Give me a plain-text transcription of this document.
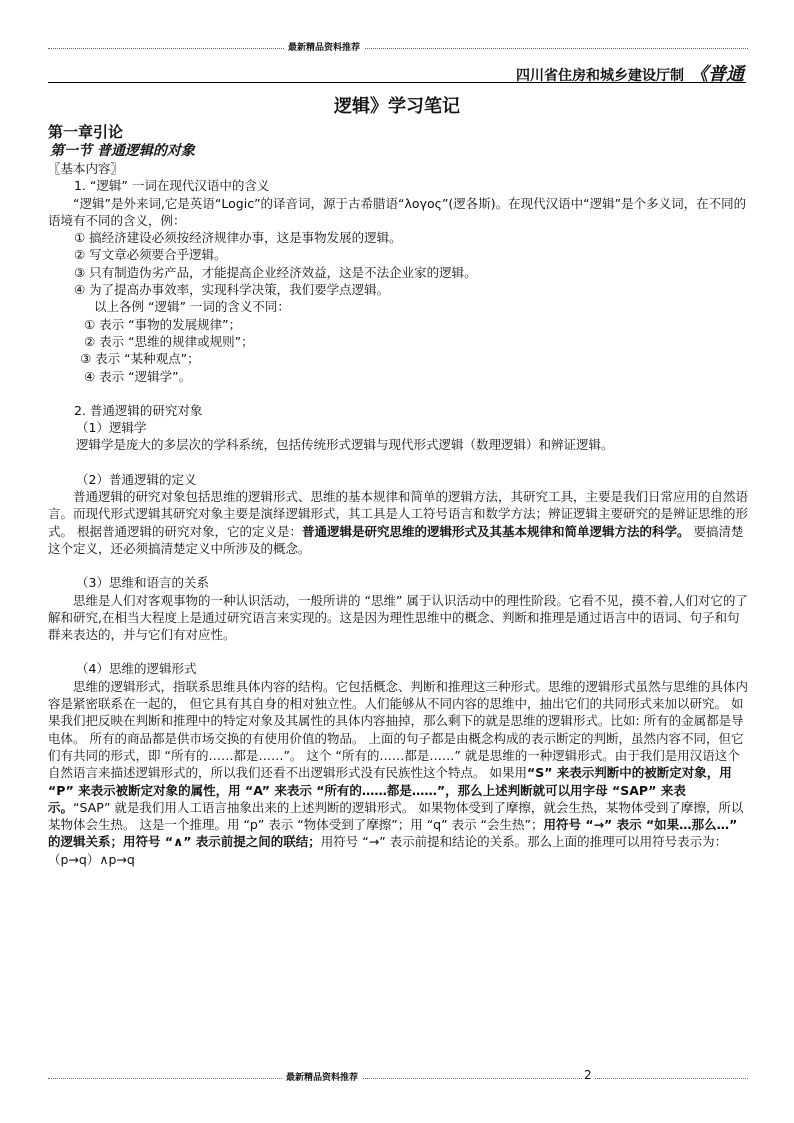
最新精品资料推荐
四川省住房和城乡建设厅制 《普通
逻辑》学习笔记

第一章引论

第一节 普通逻辑的对象

〖基本内容〗

1. “逻辑” 一词在现代汉语中的含义

“逻辑”是外来词,它是英语“Logic”的译音词，源于古希腊语“λογος”(逻各斯)。在现代汉语中“逻辑”是个多义词，在不同的语境有不同的含义，例：

① 搞经济建设必须按经济规律办事，这是事物发展的逻辑。

② 写文章必须要合乎逻辑。

③ 只有制造伪劣产品，才能提高企业经济效益，这是不法企业家的逻辑。

④ 为了提高办事效率，实现科学决策，我们要学点逻辑。

以上各例 “逻辑” 一词的含义不同：

① 表示 “事物的发展规律”；

② 表示 “思维的规律或规则”；

③ 表示 “某种观点”；

④ 表示 “逻辑学”。

2. 普通逻辑的研究对象

（1）逻辑学

逻辑学是庞大的多层次的学科系统，包括传统形式逻辑与现代形式逻辑（数理逻辑）和辨证逻辑。

（2）普通逻辑的定义

普通逻辑的研究对象包括思维的逻辑形式、思维的基本规律和简单的逻辑方法，其研究工具，主要是我们日常应用的自然语言。而现代形式逻辑其研究对象主要是演绎逻辑形式，其工具是人工符号语言和数学方法；辨证逻辑主要研究的是辨证思维的形式。 根据普通逻辑的研究对象，它的定义是：普通逻辑是研究思维的逻辑形式及其基本规律和简单逻辑方法的科学。 要搞清楚这个定义，还必须搞清楚定义中所涉及的概念。

（3）思维和语言的关系

思维是人们对客观事物的一种认识活动，一般所讲的 “思维” 属于认识活动中的理性阶段。它看不见，摸不着,人们对它的了解和研究,在相当大程度上是通过研究语言来实现的。这是因为理性思维中的概念、判断和推理是通过语言中的语词、句子和句群来表达的，并与它们有对应性。

（4）思维的逻辑形式

思维的逻辑形式，指联系思维具体内容的结构。它包括概念、判断和推理这三种形式。思维的逻辑形式虽然与思维的具体内容是紧密联系在一起的， 但它具有其自身的相对独立性。人们能够从不同内容的思维中，抽出它们的共同形式来加以研究。 如果我们把反映在判断和推理中的特定对象及其属性的具体内容抽掉，那么剩下的就是思维的逻辑形式。比如: 所有的金属都是导电体。 所有的商品都是供市场交换的有使用价值的物品。 上面的句子都是由概念构成的表示断定的判断，虽然内容不同，但它们有共同的形式，即 “所有的……都是……”。 这个 “所有的……都是……” 就是思维的一种逻辑形式。由于我们是用汉语这个自然语言来描述逻辑形式的，所以我们还看不出逻辑形式没有民族性这个特点。 如果用“S” 来表示判断中的被断定对象，用 “P” 来表示被断定对象的属性，用 “A” 来表示 “所有的……都是……”，那么上述判断就可以用字母 “SAP” 来表示。“SAP” 就是我们用人工语言抽象出来的上述判断的逻辑形式。 如果物体受到了摩擦，就会生热，某物体受到了摩擦，所以某物体会生热。 这是一个推理。用 “p” 表示 “物体受到了摩擦”；用 “q” 表示 “会生热”；用符号 “→” 表示 “如果…那么…” 的逻辑关系；用符号 “∧” 表示前提之间的联结；用符号 “→” 表示前提和结论的关系。那么上面的推理可以用符号表示为： （p→q）∧p→q

最新精品资料推荐	2
